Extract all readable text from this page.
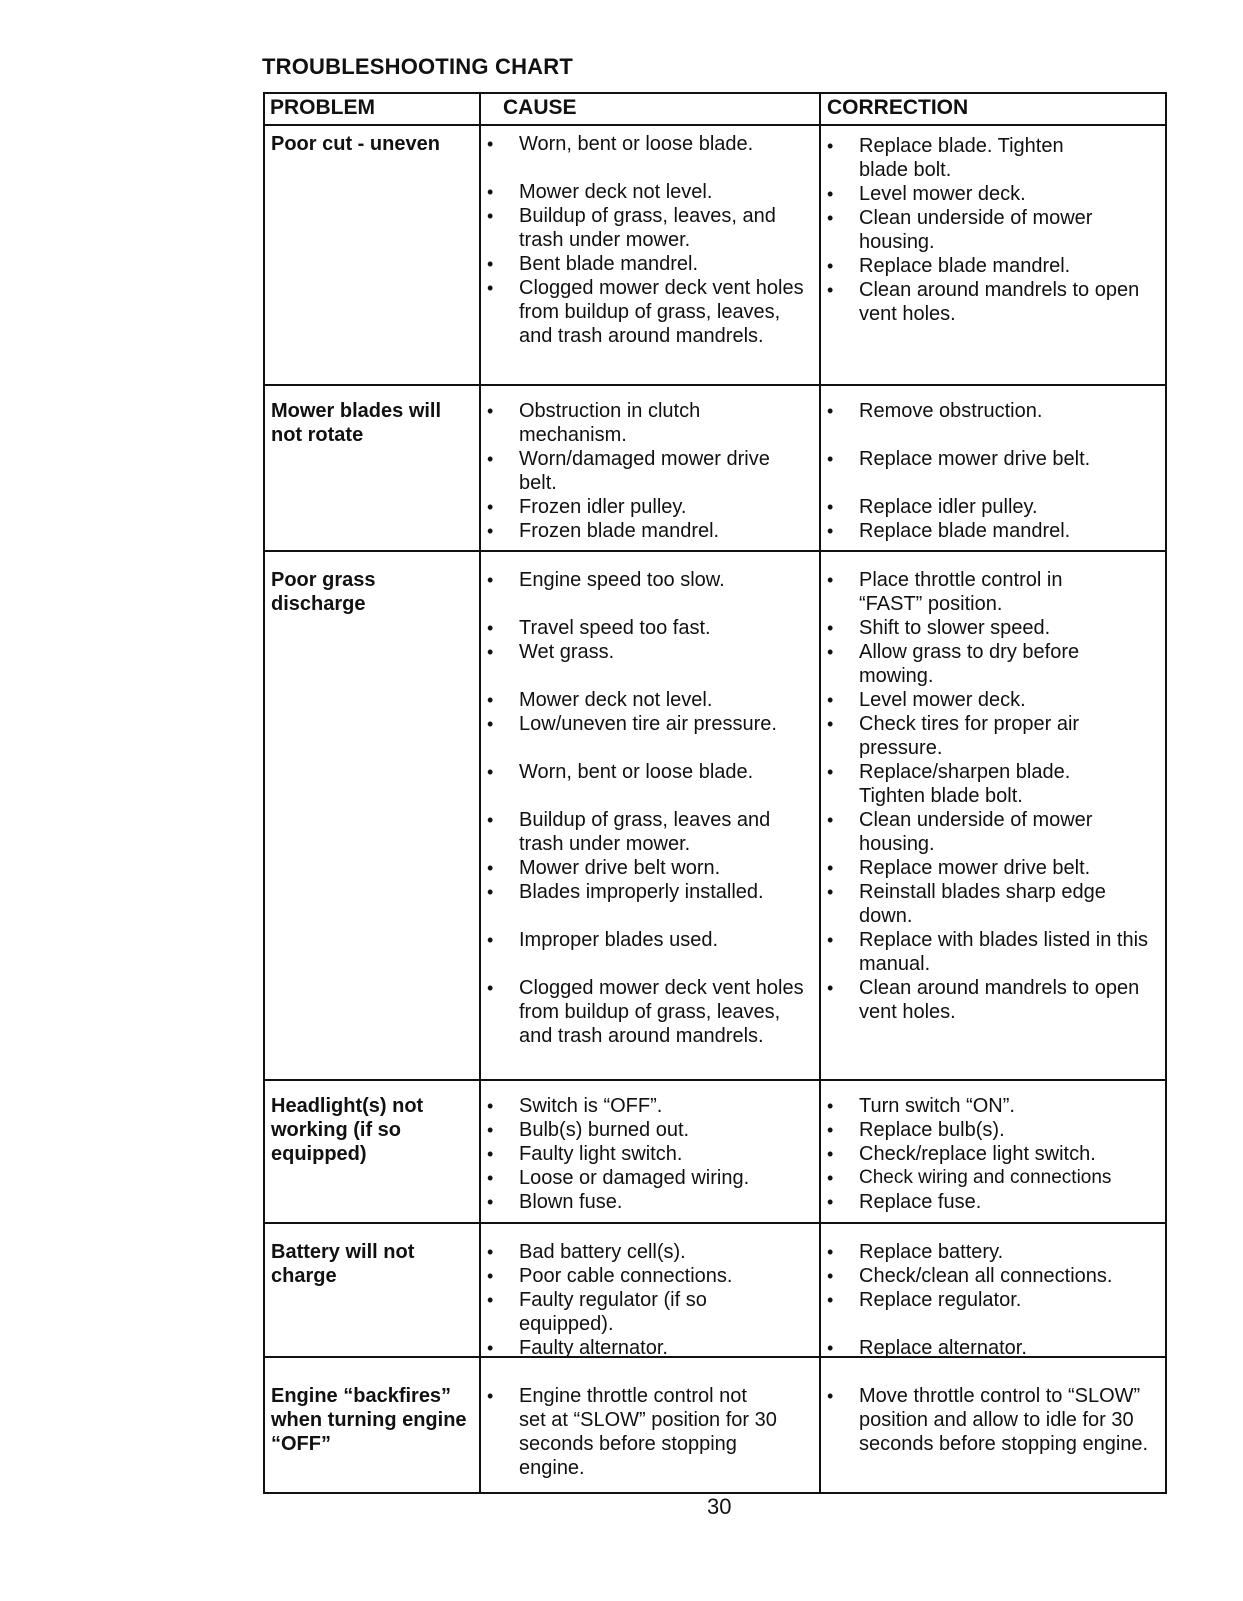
TROUBLESHOOTING CHART
PROBLEM	CAUSE	CORRECTION
Poor cut - uneven
•	Worn, bent or loose blade.
• Mower deck not level.
• Buildup of grass, leaves, and trash under mower.
• Bent blade mandrel.
• Clogged mower deck vent holes from buildup of grass, leaves, and trash around mandrels.
• Replace blade. Tighten blade bolt.
• Level mower deck.
• Clean underside of mower housing.
• Replace blade mandrel.
• Clean around mandrels to open vent holes.
Mower blades will not rotate
• Obstruction in clutch mechanism.
• Worn/damaged mower drive belt.
• Frozen idler pulley.
• Frozen blade mandrel.
• Remove obstruction.
• Replace mower drive belt.
• Replace idler pulley.
• Replace blade mandrel.
Poor grass discharge
• Engine speed too slow.
• Travel speed too fast.
• Wet grass.
• Mower deck not level.
• Low/uneven tire air pressure.
• Worn, bent or loose blade.
• Buildup of grass, leaves and trash under mower.
• Mower drive belt worn.
• Blades improperly installed.
• Improper blades used.
• Clogged mower deck vent holes from buildup of grass, leaves, and trash around mandrels.
• Place throttle control in “FAST” position.
• Shift to slower speed.
• Allow grass to dry before mowing.
• Level mower deck.
• Check tires for proper air pressure.
• Replace/sharpen blade. Tighten blade bolt.
• Clean underside of mower housing.
• Replace mower drive belt.
• Reinstall blades sharp edge down.
• Replace with blades listed in this manual.
• Clean around mandrels to open vent holes.
Headlight(s) not working (if so equipped)
• Switch is “OFF”.
• Bulb(s) burned out.
• Faulty light switch.
• Loose or damaged wiring.
• Blown fuse.
• Turn switch “ON”.
• Replace bulb(s).
• Check/replace light switch.
• Check wiring and connections
• Replace fuse.
Battery will not charge
• Bad battery cell(s).
• Poor cable connections.
• Faulty regulator (if so equipped).
• Faulty alternator.
• Replace battery.
• Check/clean all connections.
• Replace regulator.
• Replace alternator.
Engine “backfires” when turning engine “OFF”
• Engine throttle control not set at “SLOW” position for 30 seconds before stopping engine.
• Move throttle control to “SLOW” position and allow to idle for 30 seconds before stopping engine.
30
